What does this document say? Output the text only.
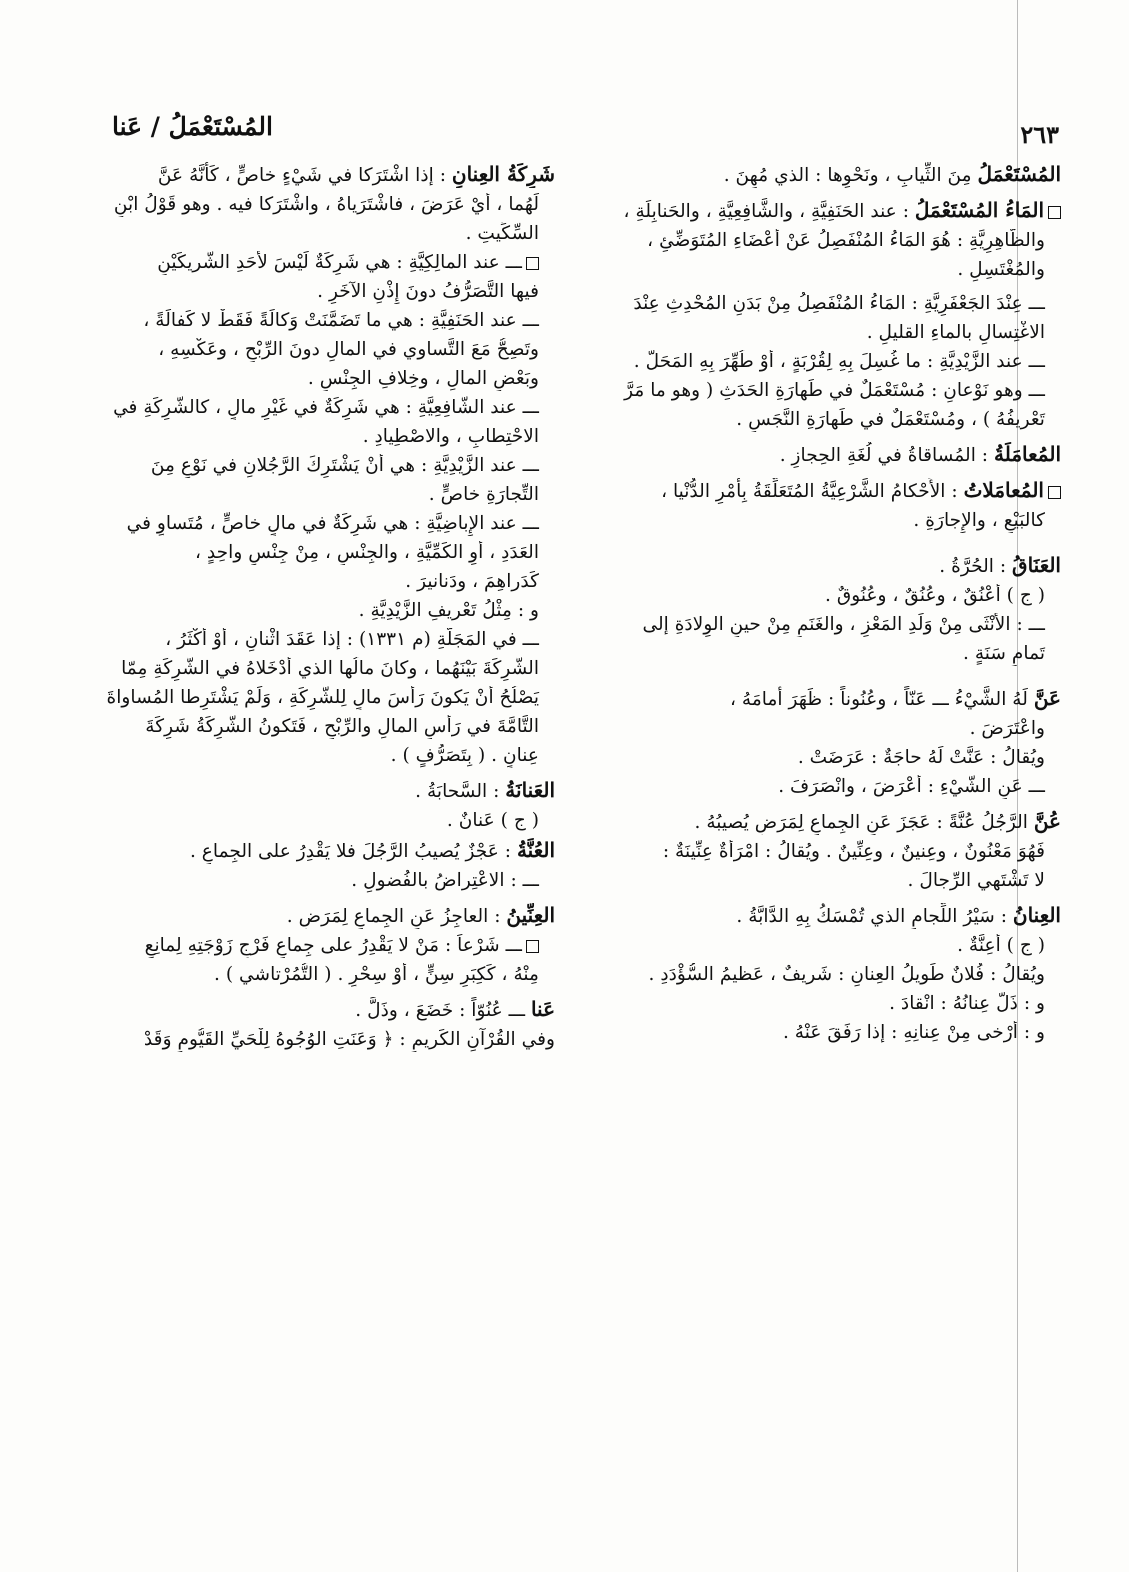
المُسْتَعْمَلُ / عَنا	٢٦٣
المُسْتَعْمَلُ مِنَ الثِّيابِ ، ونَحْوِها : الذي مُهِنَ .
المَاءُ المُسْتَعْمَلُ : عند الحَنَفِيَّةِ ، والشَّافِعِيَّةِ ، والحَنابِلَةِ ،
والظَّاهِرِيَّةِ : هُوَ المَاءُ المُنْفَصِلُ عَنْ أَعْضَاءِ المُتَوَضِّئِ ،
والمُغْتَسِلِ .
ـــ عِنْدَ الجَعْفَرِيَّةِ : المَاءُ المُنْفَصِلُ مِنْ بَدَنِ المُحْدِثِ عِنْدَ
الاغْتِسالِ بالماءِ القليلِ .
ـــ عند الزَّيْدِيَّةِ : ما غُسِلَ بِهِ لِقُرْبَةٍ ، أَوْ طُهِّرَ بِهِ المَحَلُّ .
ـــ وهو نَوْعانِ : مُسْتَعْمَلٌ في طَهارَةِ الحَدَثِ ( وهو ما مَرَّ
تَعْريفُهُ ) ، ومُسْتَعْمَلٌ في طَهارَةِ النَّجَسِ .
المُعامَلَةُ : المُساقاةُ في لُغَةِ الحِجازِ .
المُعامَلاتُ : الأَحْكامُ الشَّرْعِيَّةُ المُتَعَلِّقَةُ بِأَمْرِ الدُّنْيا ،
كالبَيْعِ ، والإِجارَةِ .
العَنَاقُ : الحُرَّةُ .
( ج ) أَعْنُقٌ ، وعُنُقٌ ، وعُنُوقٌ .
ـــ : الأُنْثَى مِنْ وَلَدِ المَعْزِ ، والغَنَمِ مِنْ حينِ الوِلادَةِ إلى
تَمامِ سَنَةٍ .
عَنَّ لَهُ الشَّيْءُ ـــ عَنّاً ، وعُنُوناً : ظَهَرَ أَمامَهُ ،
واعْتَرَضَ .
ويُقالُ : عَنَّتْ لَهُ حاجَةٌ : عَرَضَتْ .
ـــ عَنِ الشَّيْءِ : أَعْرَضَ ، وانْصَرَفَ .
عُنَّ الرَّجُلُ عُنَّةً : عَجَزَ عَنِ الجِماعِ لِمَرَضٍ يُصيبُهُ .
فَهُوَ مَعْنُونٌ ، وعِنينٌ ، وعِنِّينٌ . ويُقالُ : امْرَأَةٌ عِنِّينَةٌ :
لا تَشْتَهي الرِّجالَ .
العِنانُ : سَيْرُ اللِّجامِ الذي تُمْسَكُ بِهِ الدَّابَّةُ .
( ج ) أَعِنَّةٌ .
ويُقالُ : فُلانٌ طَويلُ العِنانِ : شَريفٌ ، عَظيمُ السُّؤْدَدِ .
و : ذَلَّ عِنانُهُ : انْقادَ .
و : أَرْخى مِنْ عِنانِهِ : إذا رَفَقَ عَنْهُ .
شَرِكَةُ العِنانِ : إذا اشْتَرَكا في شَيْءٍ خاصٍّ ، كَأَنَّهُ عَنَّ
لَهُما ، أَيْ عَرَضَ ، فاشْتَرَياهُ ، واشْتَرَكا فيه . وهو قَوْلُ ابْنِ
السِّكِّيتِ .
ـــ عند المالِكِيَّةِ : هي شَرِكَةٌ لَيْسَ لأَحَدِ الشَّريكَيْنِ
فيها التَّصَرُّفُ دونَ إِذْنِ الآخَرِ .
ـــ عند الحَنَفِيَّةِ : هي ما تَضَمَّنَتْ وَكالَةً فَقَطْ لا كَفالَةً ،
وتَصِحُّ مَعَ التَّساوي في المالِ دونَ الرِّبْحِ ، وعَكْسِهِ ،
وبَعْضِ المالِ ، وخِلافِ الجِنْسِ .
ـــ عند الشَّافِعِيَّةِ : هي شَرِكَةٌ في غَيْرِ مالٍ ، كالشَّرِكَةِ في
الاحْتِطابِ ، والاصْطِيادِ .
ـــ عند الزَّيْدِيَّةِ : هي أَنْ يَشْتَرِكَ الرَّجُلانِ في نَوْعٍ مِنَ
التِّجارَةِ خاصٍّ .
ـــ عند الإِباضِيَّةِ : هي شَرِكَةٌ في مالٍ خاصٍّ ، مُتَساوٍ في
العَدَدِ ، أَوِ الكَمِّيَّةِ ، والجِنْسِ ، مِنْ جِنْسٍ واحِدٍ ،
كَدَراهِمَ ، ودَنانيرَ .
و : مِثْلُ تَعْريفِ الزَّيْدِيَّةِ .
ـــ في المَجَلَّةِ (م ١٣٣١) : إذا عَقَدَ اثْنانِ ، أَوْ أَكْثَرُ ،
الشَّرِكَةَ بَيْنَهُما ، وكانَ مالُها الذي أَدْخَلاهُ في الشَّرِكَةِ مِمّا
يَصْلُحُ أَنْ يَكونَ رَأْسَ مالٍ لِلشَّرِكَةِ ، وَلَمْ يَشْتَرِطا المُساواةَ
التَّامَّةَ في رَأْسِ المالِ والرِّبْحِ ، فَتَكونُ الشَّرِكَةُ شَرِكَةَ
عِنانٍ . ( بِتَصَرُّفٍ ) .
العَنانَةُ : السَّحابَةُ .
( ج ) عَنانٌ .
العُنَّةُ : عَجْزٌ يُصيبُ الرَّجُلَ فلا يَقْدِرُ على الجِماعِ .
ـــ : الاعْتِراضُ بالفُضولِ .
العِنِّينُ : العاجِزُ عَنِ الجِماعِ لِمَرَضٍ .
ـــ شَرْعاً : مَنْ لا يَقْدِرُ على جِماعِ فَرْجِ زَوْجَتِهِ لِمانِعٍ
مِنْهُ ، كَكِبَرِ سِنٍّ ، أَوْ سِحْرٍ . ( التُّمُرْتاشي ) .
عَنا ـــ عُنُوّاً : خَضَعَ ، وذَلَّ .
وفي القُرْآنِ الكَريمِ : ﴿ وَعَنَتِ الوُجُوهُ لِلْحَيِّ القَيُّومِ وَقَدْ
